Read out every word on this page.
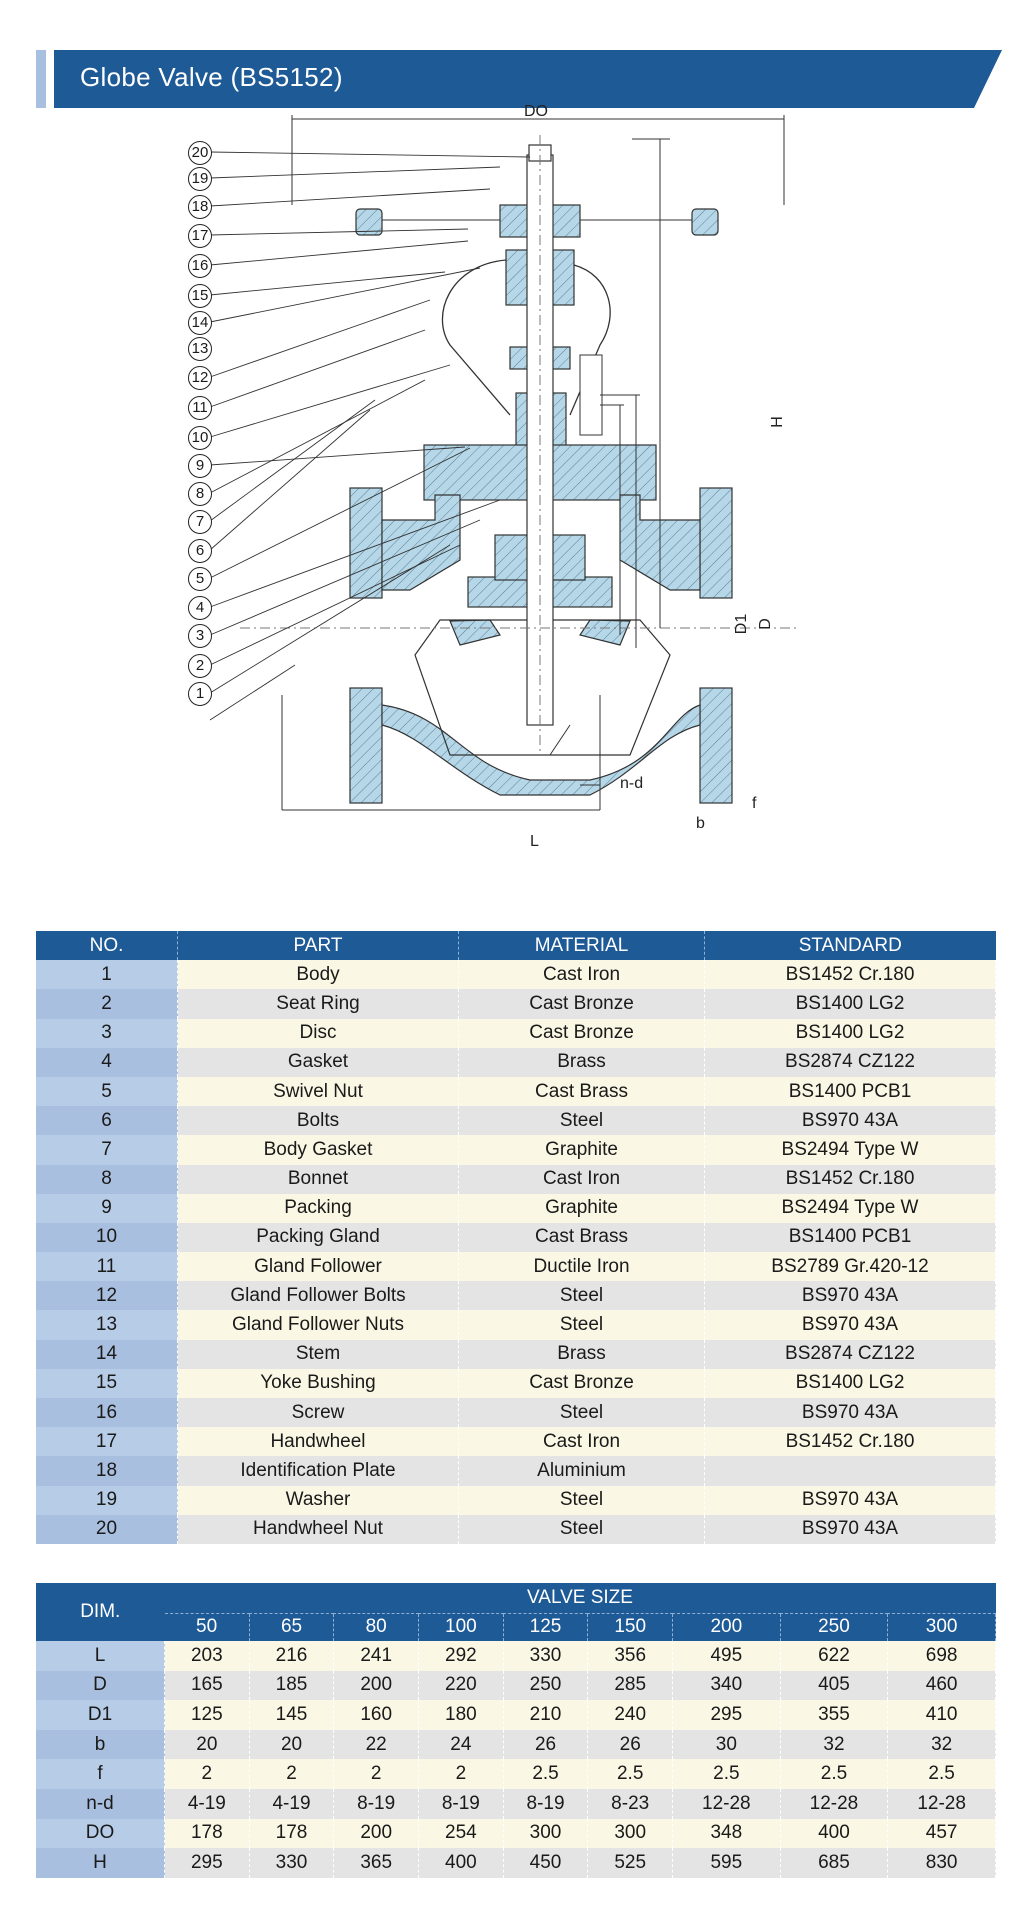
Globe Valve (BS5152)
20
19
18
17
16
15
14
13
12
11
10
9
8
7
6
5
4
3
2
1
DO
H
D1 D
L
b
f
n-d
NO.	PART	MATERIAL	STANDARD
1	Body	Cast Iron	BS1452 Cr.180
2	Seat Ring	Cast Bronze	BS1400 LG2
3	Disc	Cast Bronze	BS1400 LG2
4	Gasket	Brass	BS2874 CZ122
5	Swivel Nut	Cast Brass	BS1400 PCB1
6	Bolts	Steel	BS970 43A
7	Body Gasket	Graphite	BS2494 Type W
8	Bonnet	Cast Iron	BS1452 Cr.180
9	Packing	Graphite	BS2494 Type W
10	Packing Gland	Cast Brass	BS1400 PCB1
11	Gland Follower	Ductile Iron	BS2789 Gr.420-12
12	Gland Follower Bolts	Steel	BS970 43A
13	Gland Follower Nuts	Steel	BS970 43A
14	Stem	Brass	BS2874 CZ122
15	Yoke Bushing	Cast Bronze	BS1400 LG2
16	Screw	Steel	BS970 43A
17	Handwheel	Cast Iron	BS1452 Cr.180
18	Identification Plate	Aluminium	
19	Washer	Steel	BS970 43A
20	Handwheel Nut	Steel	BS970 43A
DIM.	VALVE SIZE								
	50	65	80	100	125	150	200	250	300
L	203	216	241	292	330	356	495	622	698
D	165	185	200	220	250	285	340	405	460
D1	125	145	160	180	210	240	295	355	410
b	20	20	22	24	26	26	30	32	32
f	2	2	2	2	2.5	2.5	2.5	2.5	2.5
n-d	4-19	4-19	8-19	8-19	8-19	8-23	12-28	12-28	12-28
DO	178	178	200	254	300	300	348	400	457
H	295	330	365	400	450	525	595	685	830
